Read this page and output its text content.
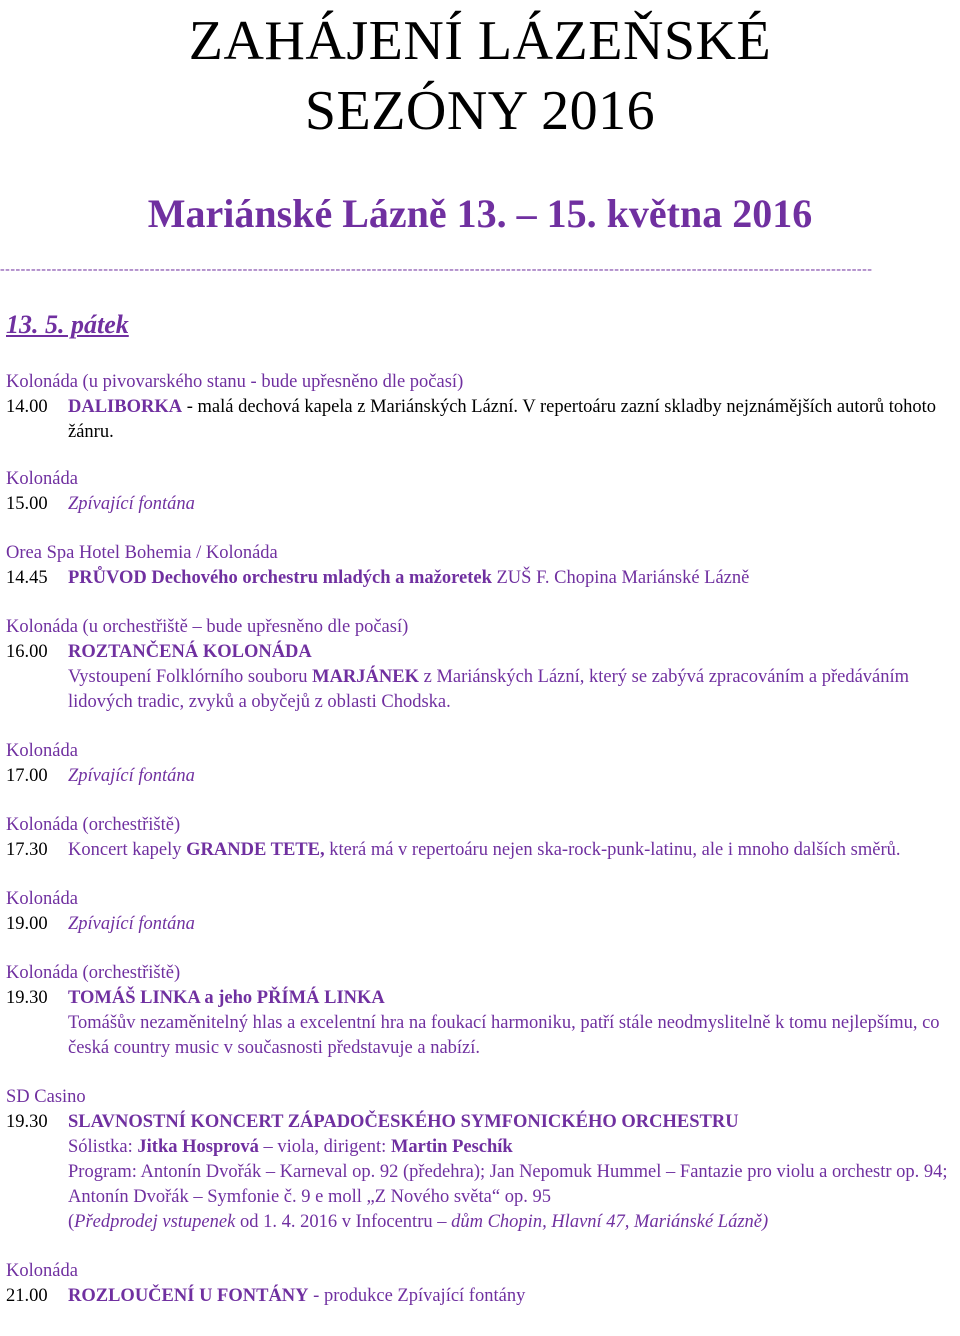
ZAHÁJENÍ LÁZEŇSKÉ
SEZÓNY 2016
Mariánské Lázně 13. – 15. května 2016
-------------------------------------------------------------------------------------------------------------------------------------------------------------------------
13. 5. pátek
Kolonáda (u pivovarského stanu - bude upřesněno dle počasí)
14.00	DALIBORKA - malá dechová kapela z Mariánských Lázní. V repertoáru zazní skladby nejznámějších autorů tohoto žánru.
Kolonáda
15.00	Zpívající fontána
Orea Spa Hotel Bohemia / Kolonáda
14.45	PRŮVOD Dechového orchestru mladých a mažoretek ZUŠ F. Chopina Mariánské Lázně
Kolonáda (u orchestřiště – bude upřesněno dle počasí)
16.00	ROZTANČENÁ KOLONÁDA
Vystoupení Folklórního souboru MARJÁNEK z Mariánských Lázní, který se zabývá zpracováním a předáváním lidových tradic, zvyků a obyčejů z oblasti Chodska.
Kolonáda
17.00	Zpívající fontána
Kolonáda (orchestřiště)
17.30	Koncert kapely GRANDE TETE, která má v repertoáru nejen ska-rock-punk-latinu, ale i mnoho dalších směrů.
Kolonáda
19.00	Zpívající fontána
Kolonáda (orchestřiště)
19.30	TOMÁŠ LINKA a jeho PŘÍMÁ LINKA
Tomášův nezaměnitelný hlas a excelentní hra na foukací harmoniku, patří stále neodmyslitelně k tomu nejlepšímu, co česká country music v současnosti představuje a nabízí.
SD Casino
19.30	SLAVNOSTNÍ KONCERT ZÁPADOČESKÉHO SYMFONICKÉHO ORCHESTRU
Sólistka: Jitka Hosprová – viola, dirigent: Martin Peschík
Program: Antonín Dvořák – Karneval op. 92 (předehra); Jan Nepomuk Hummel – Fantazie pro violu a orchestr op. 94; Antonín Dvořák – Symfonie č. 9 e moll „Z Nového světa“ op. 95
(Předprodej vstupenek od 1. 4. 2016 v Infocentru – dům Chopin, Hlavní 47, Mariánské Lázně)
Kolonáda
21.00	ROZLOUČENÍ U FONTÁNY - produkce Zpívající fontány
